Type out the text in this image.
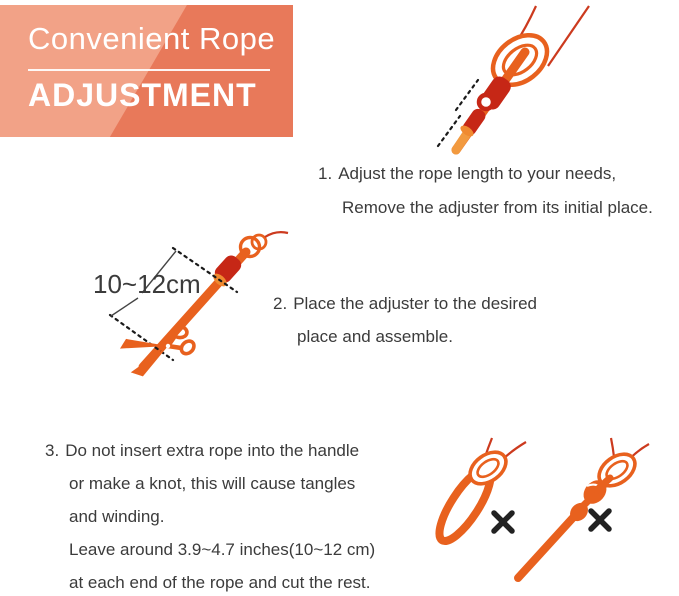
Convenient Rope
ADJUSTMENT
1. Adjust the rope length to your needs,
Remove the adjuster from its initial place.
10~12cm
2. Place the adjuster to the desired
place and assemble.
3. Do not insert extra rope into the handle
or make a knot, this will cause tangles
and winding.
Leave around 3.9~4.7 inches(10~12 cm)
at each end of the rope and cut the rest.
